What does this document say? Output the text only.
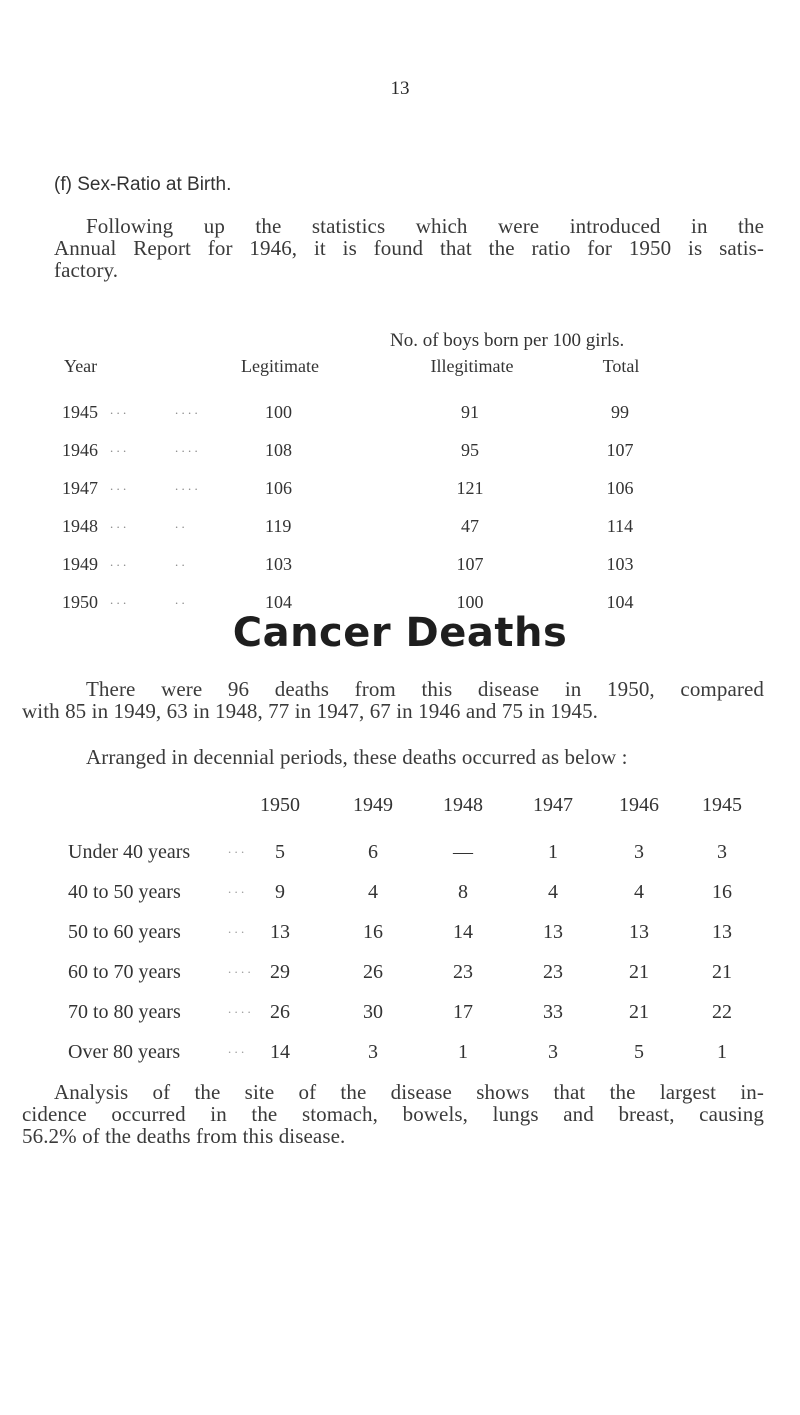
13
(f) Sex-Ratio at Birth.
Following up the statistics which were introduced in the
Annual Report for 1946, it is found that the ratio for 1950 is satis-
factory.
No. of boys born per 100 girls.
Year	Legitimate	Illegitimate	Total
1945 . . .               . . . .	100	91	99
1946 . . .               . . . .	108	95	107
1947 . . .               . . . .	106	121	106
1948 . . .               . .	119	47	114
1949 . . .               . .	103	107	103
1950 . . .               . .	104	100	104
Cancer Deaths
There were 96 deaths from this disease in 1950, compared
with 85 in 1949, 63 in 1948, 77 in 1947, 67 in 1946 and 75 in 1945.
Arranged in decennial periods, these deaths occurred as below :
1950	1949	1948	1947	1946	1945
Under 40 years	. . .	5	6	—	1	3	3
40 to 50 years	. . .	9	4	8	4	4	16
50 to 60 years	. . .	13	16	14	13	13	13
60 to 70 years	. . . . 29	26	23	23	21	21
70 to 80 years	. . . . 26	30	17	33	21	22
Over 80 years	. . .	14	3	1	3	5	1
Analysis of the site of the disease shows that the largest in-
cidence occurred in the stomach, bowels, lungs and breast, causing
56.2% of the deaths from this disease.
